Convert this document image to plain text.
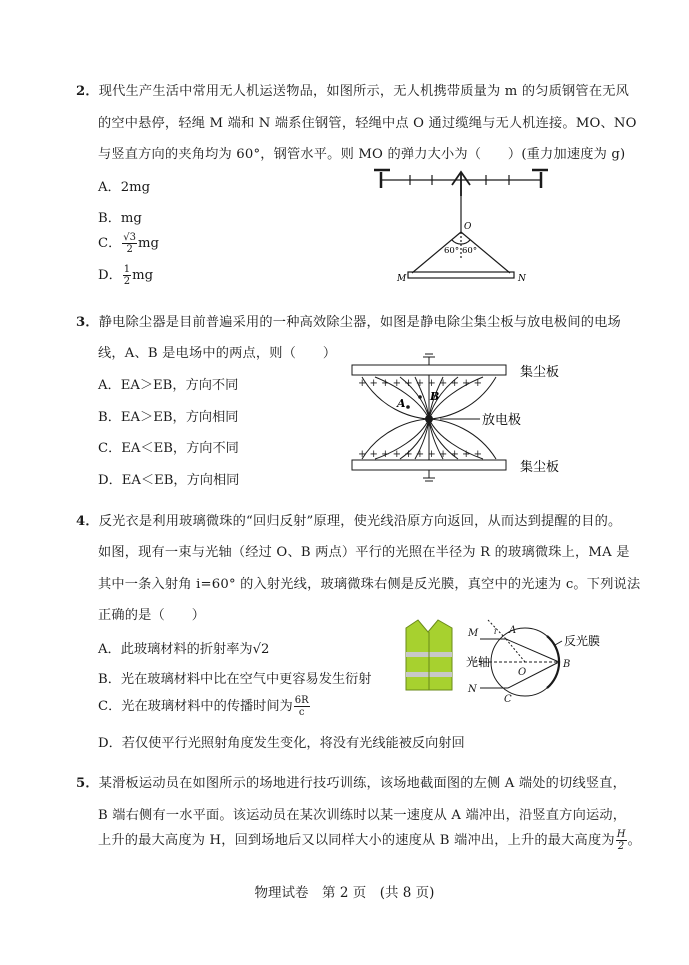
2．现代生产生活中常用无人机运送物品，如图所示，无人机携带质量为 m 的匀质钢管在无风
的空中悬停，轻绳 M 端和 N 端系住钢管，轻绳中点 O 通过缆绳与无人机连接。MO、NO
与竖直方向的夹角均为 60°，钢管水平。则 MO 的弹力大小为（　　）(重力加速度为 g)
A．2mg
B．mg
C． $\frac{√3}{2}$ mg
D． $\frac{1}{2}$ mg
O
60° 60°
M	N
3．静电除尘器是目前普遍采用的一种高效除尘器，如图是静电除尘集尘板与放电极间的电场
线，A、B 是电场中的两点，则（　　）
A．EA＞EB，方向不同
B．EA＞EB，方向相同
C．EA＜EB，方向不同
D．EA＜EB，方向相同
+ + + + + + + + + + +
+ + + + + + + + + + +
B
A
集尘板
放电极
集尘板
4．反光衣是利用玻璃微珠的“回归反射”原理，使光线沿原方向返回，从而达到提醒的目的。
如图，现有一束与光轴（经过 O、B 两点）平行的光照在半径为 R 的玻璃微珠上，MA 是
其中一条入射角 i=60° 的入射光线，玻璃微珠右侧是反光膜，真空中的光速为 c。下列说法
正确的是（　　）
A．此玻璃材料的折射率为√2
B．光在玻璃材料中比在空气中更容易发生衍射
C．光在玻璃材料中的传播时间为 $\frac{6R}{c}$
D．若仅使平行光照射角度发生变化，将没有光线能被反向射回
M i A
O
B
N
C
反光膜
光轴
5．某滑板运动员在如图所示的场地进行技巧训练，该场地截面图的左侧 A 端处的切线竖直，
B 端右侧有一水平面。该运动员在某次训练时以某一速度从 A 端冲出，沿竖直方向运动，
上升的最大高度为 H，回到场地后又以同样大小的速度从 B 端冲出，上升的最大高度为 $\frac{H}{2}$ 。
物理试卷　第 2 页　(共 8 页)
